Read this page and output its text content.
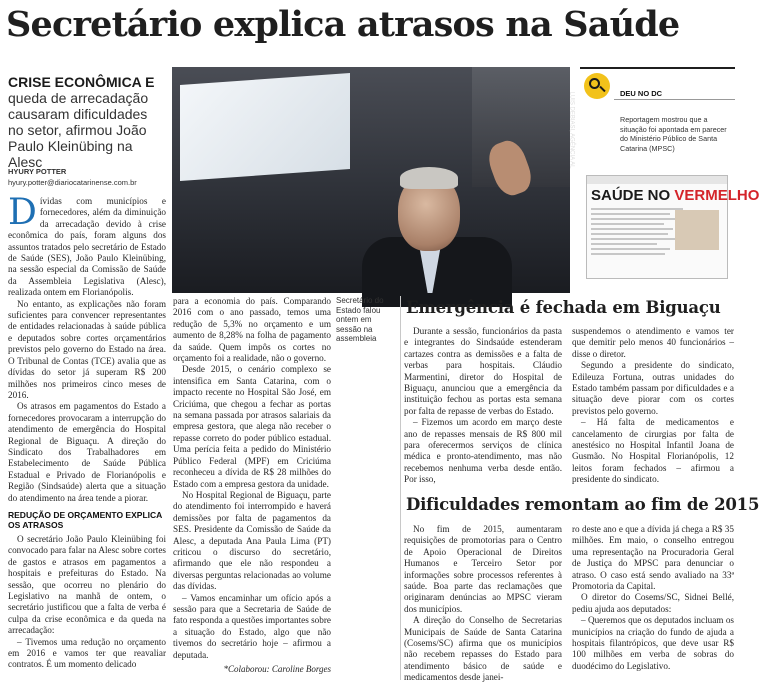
Secretário explica atrasos na Saúde
CRISE ECONÔMICA E queda de arrecadação causaram dificuldades no setor, afirmou João Paulo Kleinübing na Alesc
HYURY POTTER
hyury.potter@diariocatarinense.com.br

Dívidas com municípios e fornecedores, além da diminuição da arrecadação devido à crise econômica do país, foram alguns dos assuntos tratados pelo secretário de Estado de Saúde (SES), João Paulo Kleinübing, na sessão especial da Comissão de Saúde da Assembleia Legislativa (Alesc), realizada ontem em Florianópolis.

No entanto, as explicações não foram suficientes para convencer representantes de entidades relacionadas à saúde pública e deputados sobre cortes orçamentários previstos pelo governo do Estado na área. O Tribunal de Contas (TCE) avalia que as dívidas do setor já superam R$ 200 milhões nos primeiros cinco meses de 2016.

Os atrasos em pagamentos do Estado a fornecedores provocaram a interrupção do atendimento de emergência do Hospital Regional de Biguaçu. A direção do Sindicato dos Trabalhadores em Estabelecimento de Saúde Pública Estadual e Privado de Florianópolis e Região (Sindsaúde) alerta que a situação do atendimento na área tende a piorar.

REDUÇÃO DE ORÇAMENTO EXPLICA OS ATRASOS

O secretário João Paulo Kleinübing foi convocado para falar na Alesc sobre cortes de gastos e atrasos em pagamentos a hospitais e prefeituras do Estado. Na sessão, que ocorreu no plenário do Legislativo na manhã de ontem, o secretário justificou que a falta de verba é culpa da crise econômica e da queda na arrecadação:

– Tivemos uma redução no orçamento em 2016 e vamos ter que reavaliar contratos. É um momento delicado

LUIS DEBIASI, AGÊNCIA AL

para a economia do país. Comparando 2016 com o ano passado, temos uma redução de 5,3% no orçamento e um aumento de 8,28% na folha de pagamento da saúde. Quem impôs os cortes no orçamento foi a realidade, não o governo.

Desde 2015, o cenário complexo se intensifica em Santa Catarina, com o impacto recente no Hospital São José, em Criciúma, que chegou a fechar as portas na semana passada por atrasos salariais da empresa gestora, que alega não receber o repasse correto do poder público estadual. Uma perícia feita a pedido do Ministério Público Federal (MPF) em Criciúma reconheceu a dívida de R$ 28 milhões do Estado com a empresa gestora da unidade.

No Hospital Regional de Biguaçu, parte do atendimento foi interrompido e haverá demissões por falta de pagamentos da SES. Presidente da Comissão de Saúde da Alesc, a deputada Ana Paula Lima (PT) criticou o discurso do secretário, afirmando que ele não respondeu a diversas perguntas relacionadas ao volume das dívidas.

– Vamos encaminhar um ofício após a sessão para que a Secretaria de Saúde de fato responda a questões importantes sobre a situação do Estado, algo que não tivemos do secretário hoje – afirmou a deputada.

*Colaborou: Caroline Borges
Secretário do Estado falou ontem em sessão na assembleia
DEU NO DC
Reportagem mostrou que a situação foi apontada em parecer do Ministério Público de Santa Catarina (MPSC)
SAÚDE NO VERMELHO
Emergência é fechada em Biguaçu

Durante a sessão, funcionários da pasta e integrantes do Sindsaúde estenderam cartazes contra as demissões e a falta de verbas para hospitais. Cláudio Marmentini, diretor do Hospital de Biguaçu, anunciou que a emergência da instituição fechou as portas esta semana por falta de repasse de verbas do Estado.

– Fizemos um acordo em março deste ano de repasses mensais de R$ 800 mil para oferecermos serviços de clínica médica e pronto-atendimento, mas não recebemos nenhuma verba desde então. Por isso,

suspendemos o atendimento e vamos ter que demitir pelo menos 40 funcionários – disse o diretor.

Segundo a presidente do sindicato, Edileuza Fortuna, outras unidades do Estado também passam por dificuldades e a situação deve piorar com os cortes previstos pelo governo.

– Há falta de medicamentos e cancelamento de cirurgias por falta de anestésico no Hospital Infantil Joana de Gusmão. No Hospital Florianópolis, 12 leitos foram fechados – afirmou a presidente do sindicato.

Dificuldades remontam ao fim de 2015

No fim de 2015, aumentaram requisições de promotorias para o Centro de Apoio Operacional de Direitos Humanos e Terceiro Setor por informações sobre processos referentes à saúde. Boa parte das reclamações que originaram denúncias ao MPSC vieram dos municípios.

A direção do Conselho de Secretarias Municipais de Saúde de Santa Catarina (Cosems/SC) afirma que os municípios não recebem repasses do Estado para atendimento básico de saúde e medicamentos desde janei-

ro deste ano e que a dívida já chega a R$ 35 milhões. Em maio, o conselho entregou uma representação na Procuradoria Geral de Justiça do MPSC para denunciar o atraso. O caso está sendo avaliado na 33ª Promotoria da Capital.

O diretor do Cosems/SC, Sidnei Bellé, pediu ajuda aos deputados:

– Queremos que os deputados incluam os municípios na criação do fundo de ajuda a hospitais filantrópicos, que deve usar R$ 100 milhões em verba de sobras do duodécimo do Legislativo.
